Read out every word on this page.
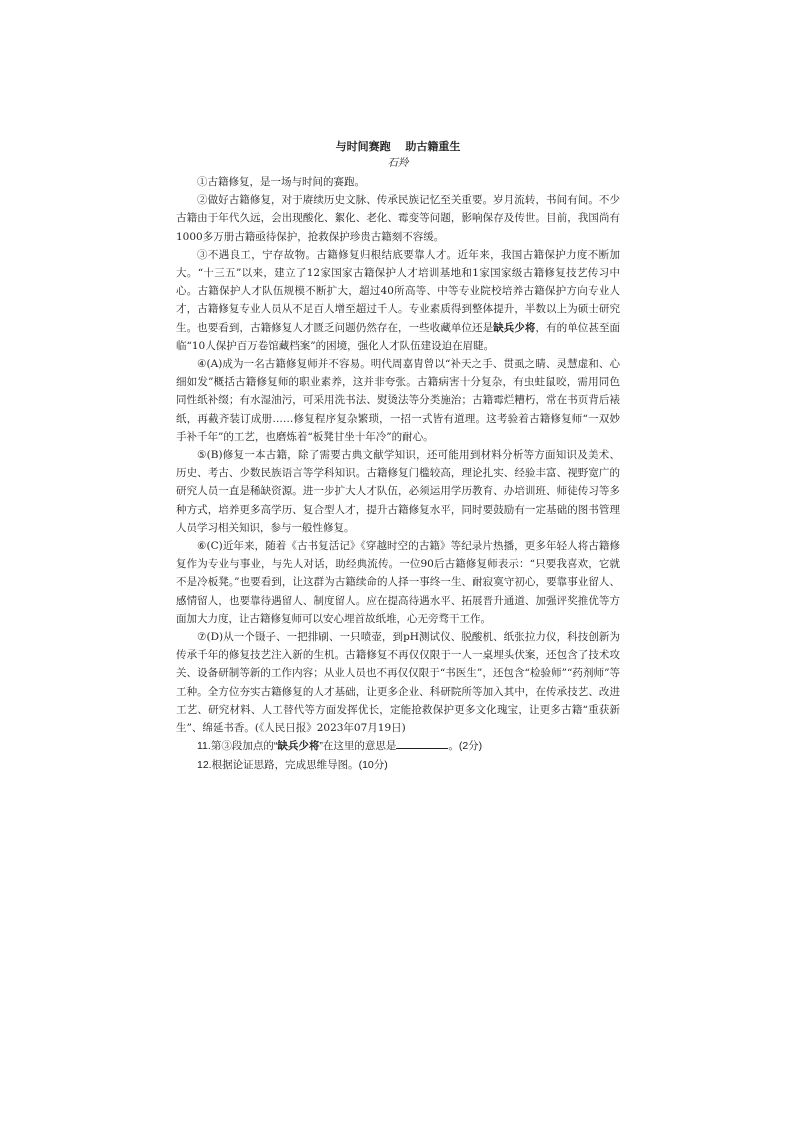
与时间赛跑　 助古籍重生

石羚

①古籍修复，是一场与时间的赛跑。

②做好古籍修复，对于赓续历史文脉、传承民族记忆至关重要。岁月流转，书间有间。不少古籍由于年代久远，会出现酸化、絮化、老化、霉变等问题，影响保存及传世。目前，我国尚有1000多万册古籍亟待保护，抢救保护珍贵古籍刻不容缓。

③不遇良工，宁存故物。古籍修复归根结底要靠人才。近年来，我国古籍保护力度不断加大。“十三五”以来，建立了12家国家古籍保护人才培训基地和1家国家级古籍修复技艺传习中心。古籍保护人才队伍规模不断扩大，超过40所高等、中等专业院校培养古籍保护方向专业人才，古籍修复专业人员从不足百人增至超过千人。专业素质得到整体提升，半数以上为硕士研究生。也要看到，古籍修复人才匮乏问题仍然存在，一些收藏单位还是缺兵少将，有的单位甚至面临“10人保护百万卷馆藏档案”的困境，强化人才队伍建设迫在眉睫。

④(A)成为一名古籍修复师并不容易。明代周嘉胄曾以“补天之手、贯虱之睛、灵慧虚和、心细如发”概括古籍修复师的职业素养，这并非夸张。古籍病害十分复杂，有虫蛀鼠咬，需用同色同性纸补缀；有水湿油污，可采用洗书法、熨烫法等分类施治；古籍霉烂糟朽，常在书页背后裱纸，再截齐装订成册……修复程序复杂繁琐，一招一式皆有道理。这考验着古籍修复师“一双妙手补千年”的工艺，也磨炼着“板凳甘坐十年冷”的耐心。

⑤(B)修复一本古籍，除了需要古典文献学知识，还可能用到材料分析等方面知识及美术、历史、考古、少数民族语言等学科知识。古籍修复门槛较高，理论扎实、经验丰富、视野宽广的研究人员一直是稀缺资源。进一步扩大人才队伍，必须运用学历教育、办培训班、师徒传习等多种方式，培养更多高学历、复合型人才，提升古籍修复水平，同时要鼓励有一定基础的图书管理人员学习相关知识，参与一般性修复。

⑥(C)近年来，随着《古书复活记》《穿越时空的古籍》等纪录片热播，更多年轻人将古籍修复作为专业与事业，与先人对话，助经典流传。一位90后古籍修复师表示：“只要我喜欢，它就不是冷板凳。”也要看到，让这群为古籍续命的人择一事终一生、耐寂寞守初心，要靠事业留人、感情留人，也要靠待遇留人、制度留人。应在提高待遇水平、拓展晋升通道、加强评奖推优等方面加大力度，让古籍修复师可以安心埋首故纸堆，心无旁骛干工作。

⑦(D)从一个镊子、一把排刷、一只喷壶，到pH测试仪、脱酸机、纸张拉力仪，科技创新为传承千年的修复技艺注入新的生机。古籍修复不再仅仅限于一人一桌埋头伏案，还包含了技术攻关、设备研制等新的工作内容；从业人员也不再仅仅限于“书医生”，还包含“检验师”“药剂师”等工种。全方位夯实古籍修复的人才基础，让更多企业、科研院所等加入其中，在传承技艺、改进工艺、研究材料、人工替代等方面发挥优长，定能抢救保护更多文化瑰宝，让更多古籍“重获新生”、绵延书香。(《人民日报》2023年07月19日)

11.第③段加点的“缺兵少将”在这里的意思是	。(2分)

12.根据论证思路，完成思维导图。(10分)
